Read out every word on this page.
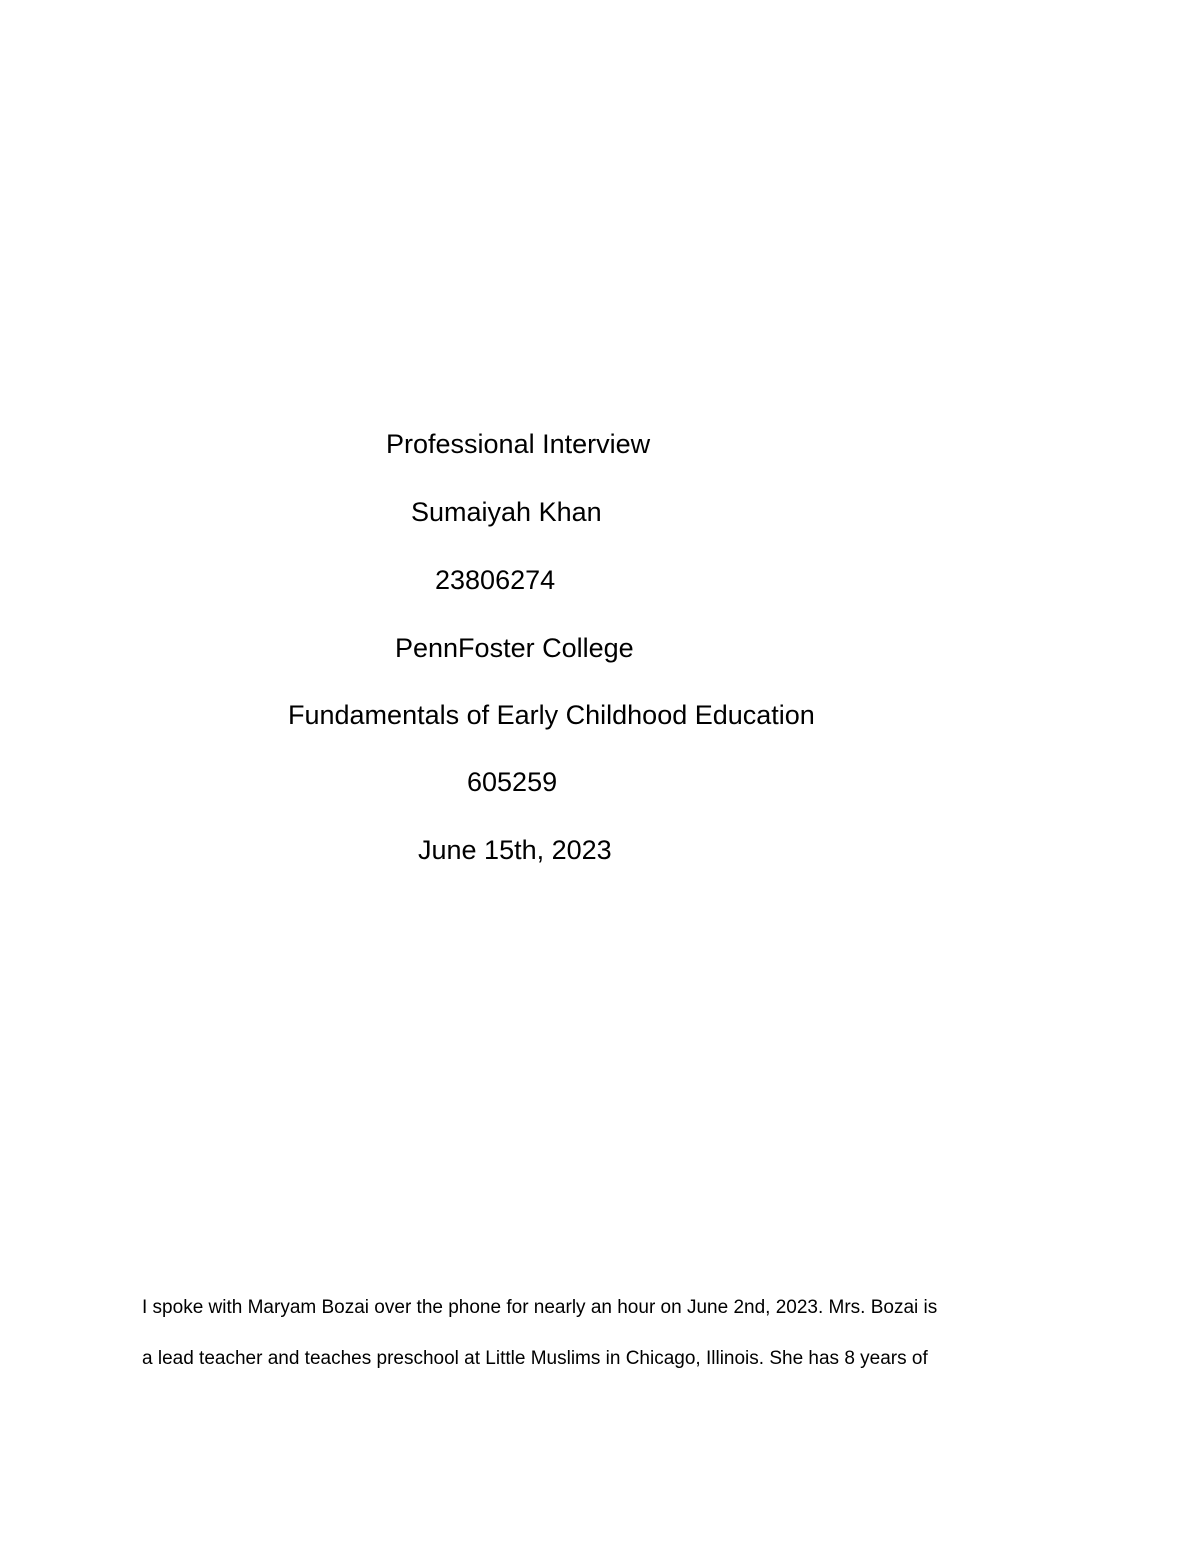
Professional Interview
Sumaiyah Khan
23806274
PennFoster College
Fundamentals of Early Childhood Education
605259
June 15th, 2023
I spoke with Maryam Bozai over the phone for nearly an hour on June 2nd, 2023. Mrs. Bozai is
a lead teacher and teaches preschool at Little Muslims in Chicago, Illinois. She has 8 years of
